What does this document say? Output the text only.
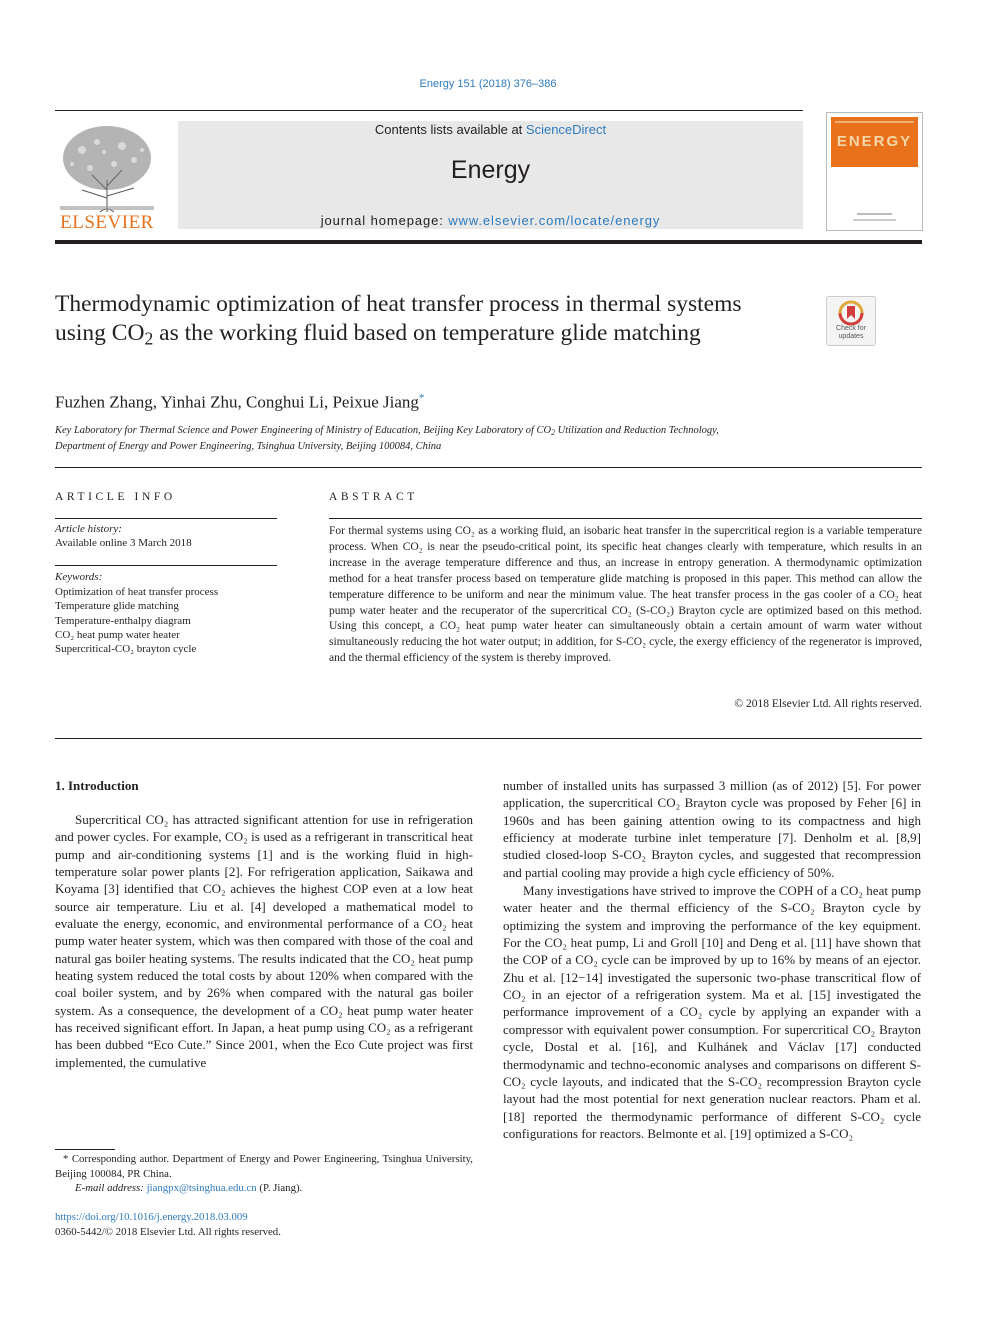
Energy 151 (2018) 376–386
ELSEVIER
Contents lists available at ScienceDirect
Energy
journal homepage: www.elsevier.com/locate/energy
ENERGY
Thermodynamic optimization of heat transfer process in thermal systems using $CO_2$ as the working fluid based on temperature glide matching	Check for updates
Fuzhen Zhang, Yinhai Zhu, Conghui Li, Peixue Jiang*
Key Laboratory for Thermal Science and Power Engineering of Ministry of Education, Beijing Key Laboratory of $CO_2$ Utilization and Reduction Technology,
Department of Energy and Power Engineering, Tsinghua University, Beijing 100084, China
ARTICLE INFO
Article history:
Available online 3 March 2018
Keywords:
Optimization of heat transfer process
Temperature glide matching
Temperature-enthalpy diagram
CO₂ heat pump water heater
Supercritical-CO₂ brayton cycle
ABSTRACT
For thermal systems using CO₂ as a working fluid, an isobaric heat transfer in the supercritical region is a variable temperature process. When CO₂ is near the pseudo-critical point, its specific heat changes clearly with temperature, which results in an increase in the average temperature difference and thus, an increase in entropy generation. A thermodynamic optimization method for a heat transfer process based on temperature glide matching is proposed in this paper. This method can allow the temperature difference to be uniform and near the minimum value. The heat transfer process in the gas cooler of a CO₂ heat pump water heater and the recuperator of the supercritical CO₂ (S-CO₂) Brayton cycle are optimized based on this method. Using this concept, a CO₂ heat pump water heater can simultaneously obtain a certain amount of warm water without simultaneously reducing the hot water output; in addition, for S-CO₂ cycle, the exergy efficiency of the regenerator is improved, and the thermal efficiency of the system is thereby improved.
© 2018 Elsevier Ltd. All rights reserved.
1. Introduction
Supercritical CO₂ has attracted significant attention for use in refrigeration and power cycles. For example, CO₂ is used as a refrigerant in transcritical heat pump and air-conditioning systems [1] and is the working fluid in high-temperature solar power plants [2]. For refrigeration application, Saikawa and Koyama [3] identified that CO₂ achieves the highest COP even at a low heat source air temperature. Liu et al. [4] developed a mathematical model to evaluate the energy, economic, and environmental performance of a CO₂ heat pump water heater system, which was then compared with those of the coal and natural gas boiler heating systems. The results indicated that the CO₂ heat pump heating system reduced the total costs by about 120% when compared with the coal boiler system, and by 26% when compared with the natural gas boiler system. As a consequence, the development of a CO₂ heat pump water heater has received significant effort. In Japan, a heat pump using CO₂ as a refrigerant has been dubbed “Eco Cute.” Since 2001, when the Eco Cute project was first implemented, the cumulative

number of installed units has surpassed 3 million (as of 2012) [5]. For power application, the supercritical CO₂ Brayton cycle was proposed by Feher [6] in 1960s and has been gaining attention owing to its compactness and high efficiency at moderate turbine inlet temperature [7]. Denholm et al. [8,9] studied closed-loop S-CO₂ Brayton cycles, and suggested that recompression and partial cooling may provide a high cycle efficiency of 50%.

Many investigations have strived to improve the COPH of a CO₂ heat pump water heater and the thermal efficiency of the S-CO₂ Brayton cycle by optimizing the system and improving the performance of the key equipment. For the CO₂ heat pump, Li and Groll [10] and Deng et al. [11] have shown that the COP of a CO₂ cycle can be improved by up to 16% by means of an ejector. Zhu et al. [12−14] investigated the supersonic two-phase transcritical flow of CO₂ in an ejector of a refrigeration system. Ma et al. [15] investigated the performance improvement of a CO₂ cycle by applying an expander with a compressor with equivalent power consumption. For supercritical CO₂ Brayton cycle, Dostal et al. [16], and Kulhánek and Václav [17] conducted thermodynamic and techno-economic analyses and comparisons on different S-CO₂ cycle layouts, and indicated that the S-CO₂ recompression Brayton cycle layout had the most potential for next generation nuclear reactors. Pham et al. [18] reported the thermodynamic performance of different S-CO₂ cycle configurations for reactors. Belmonte et al. [19] optimized a S-CO₂

* Corresponding author. Department of Energy and Power Engineering, Tsinghua University, Beijing 100084, PR China.
E-mail address: jiangpx@tsinghua.edu.cn (P. Jiang).
https://doi.org/10.1016/j.energy.2018.03.009
0360-5442/© 2018 Elsevier Ltd. All rights reserved.
